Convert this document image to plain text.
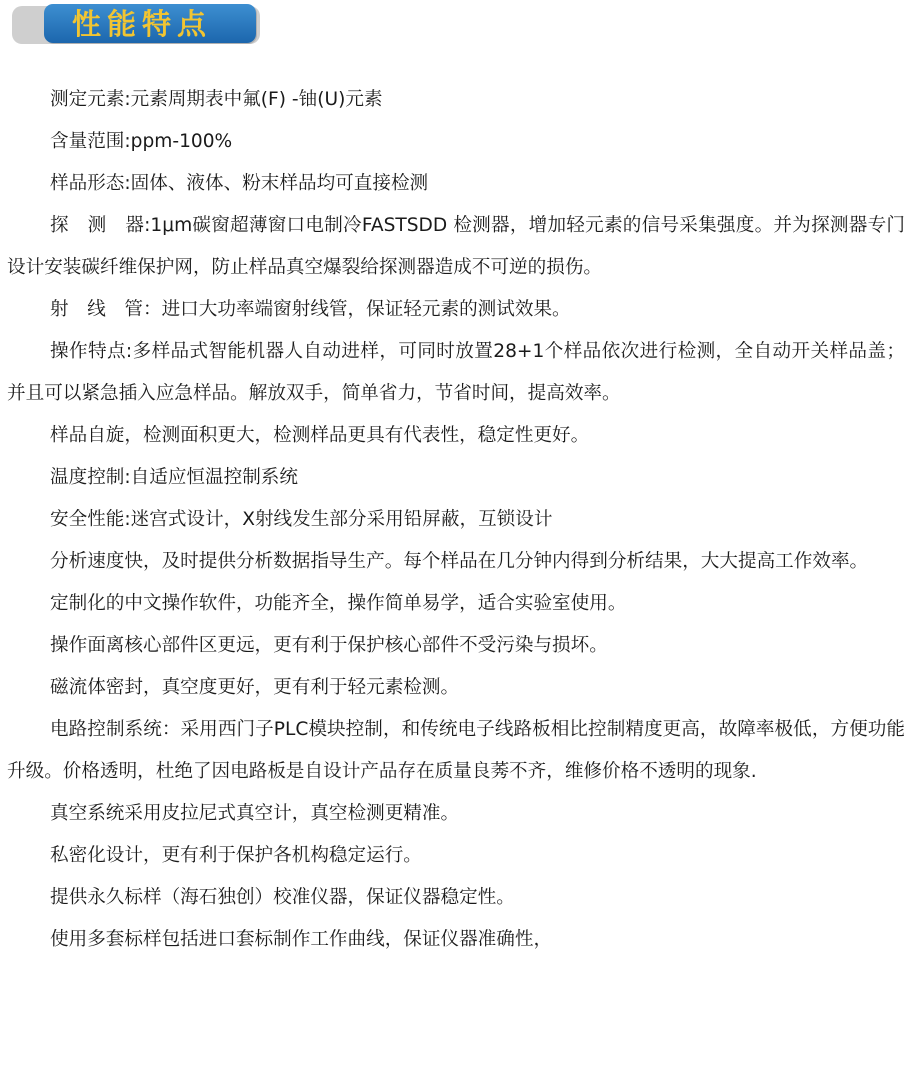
性能特点

测定元素:元素周期表中氟(F) -铀(U)元素

含量范围:ppm-100%

样品形态:固体、液体、粉末样品均可直接检测

探　测　器:1μm碳窗超薄窗口电制冷FASTSDD 检测器，增加轻元素的信号采集强度。并为探测器专门设计安装碳纤维保护网，防止样品真空爆裂给探测器造成不可逆的损伤。

射　线　管：进口大功率端窗射线管，保证轻元素的测试效果。

操作特点:多样品式智能机器人自动进样，可同时放置28+1个样品依次进行检测，全自动开关样品盖；并且可以紧急插入应急样品。解放双手，简单省力，节省时间，提高效率。

样品自旋，检测面积更大，检测样品更具有代表性，稳定性更好。

温度控制:自适应恒温控制系统

安全性能:迷宫式设计，X射线发生部分采用铅屏蔽，互锁设计

分析速度快，及时提供分析数据指导生产。每个样品在几分钟内得到分析结果，大大提高工作效率。

定制化的中文操作软件，功能齐全，操作简单易学，适合实验室使用。

操作面离核心部件区更远，更有利于保护核心部件不受污染与损坏。

磁流体密封，真空度更好，更有利于轻元素检测。

电路控制系统：采用西门子PLC模块控制，和传统电子线路板相比控制精度更高，故障率极低，方便功能升级。价格透明，杜绝了因电路板是自设计产品存在质量良莠不齐，维修价格不透明的现象.

真空系统采用皮拉尼式真空计，真空检测更精准。

私密化设计，更有利于保护各机构稳定运行。

提供永久标样（海石独创）校准仪器，保证仪器稳定性。

使用多套标样包括进口套标制作工作曲线，保证仪器准确性，
